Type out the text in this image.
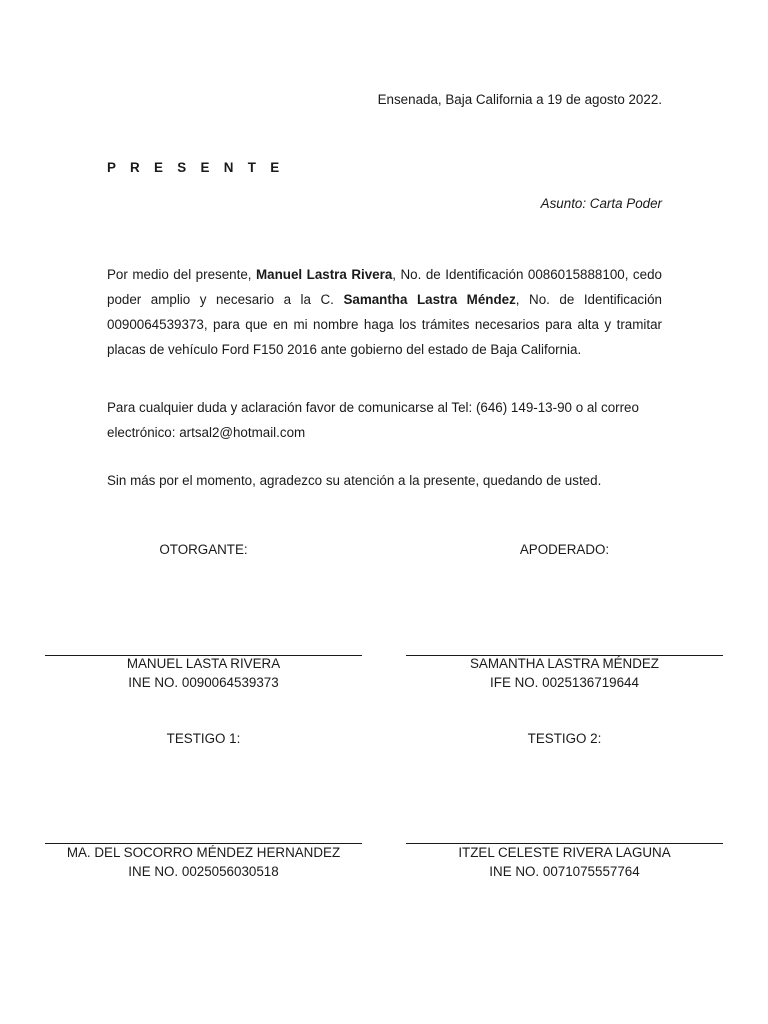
Ensenada, Baja California a 19 de agosto 2022.
P R E S E N T E
Asunto: Carta Poder

Por medio del presente, Manuel Lastra Rivera, No. de Identificación 0086015888100, cedo poder amplio y necesario a la C. Samantha Lastra Méndez, No. de Identificación 0090064539373, para que en mi nombre haga los trámites necesarios para alta y tramitar placas de vehículo Ford F150 2016 ante gobierno del estado de Baja California.

Para cualquier duda y aclaración favor de comunicarse al Tel: (646) 149-13-90 o al correo electrónico: artsal2@hotmail.com

Sin más por el momento, agradezco su atención a la presente, quedando de usted.

OTORGANTE:	APODERADO:
MANUEL LASTA RIVERA
INE NO. 0090064539373
SAMANTHA LASTRA MÉNDEZ
IFE NO. 0025136719644
TESTIGO 1:	TESTIGO 2:
MA. DEL SOCORRO MÉNDEZ HERNANDEZ
INE NO. 0025056030518
ITZEL CELESTE RIVERA LAGUNA
INE NO. 0071075557764
